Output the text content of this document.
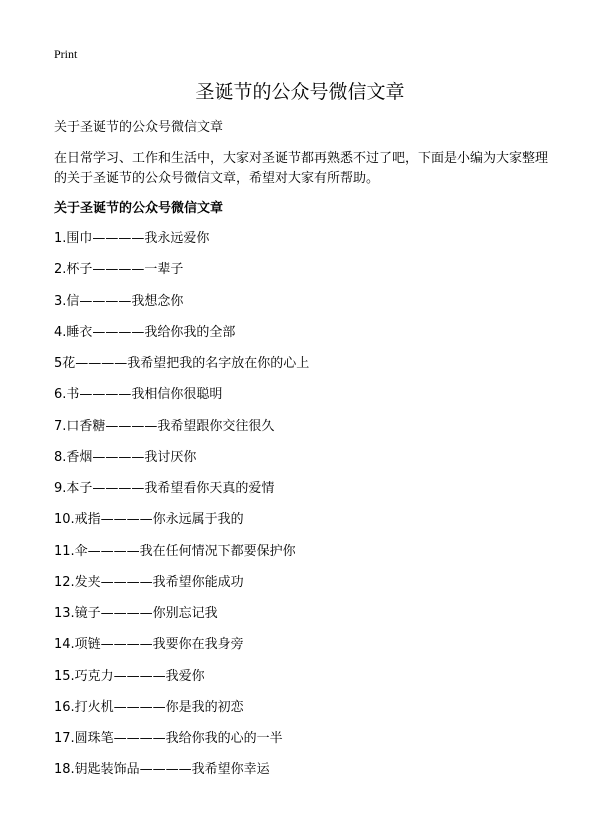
Print
圣诞节的公众号微信文章
关于圣诞节的公众号微信文章

在日常学习、工作和生活中，大家对圣诞节都再熟悉不过了吧，下面是小编为大家整理的关于圣诞节的公众号微信文章，希望对大家有所帮助。

关于圣诞节的公众号微信文章
1.围巾————我永远爱你
2.杯子————一辈子
3.信————我想念你
4.睡衣————我给你我的全部
5花————我希望把我的名字放在你的心上
6.书————我相信你很聪明
7.口香糖————我希望跟你交往很久
8.香烟————我讨厌你
9.本子————我希望看你天真的爱情
10.戒指————你永远属于我的
11.伞————我在任何情况下都要保护你
12.发夹————我希望你能成功
13.镜子————你别忘记我
14.项链————我要你在我身旁
15.巧克力————我爱你
16.打火机————你是我的初恋
17.圆珠笔————我给你我的心的一半
18.钥匙装饰品————我希望你幸运
